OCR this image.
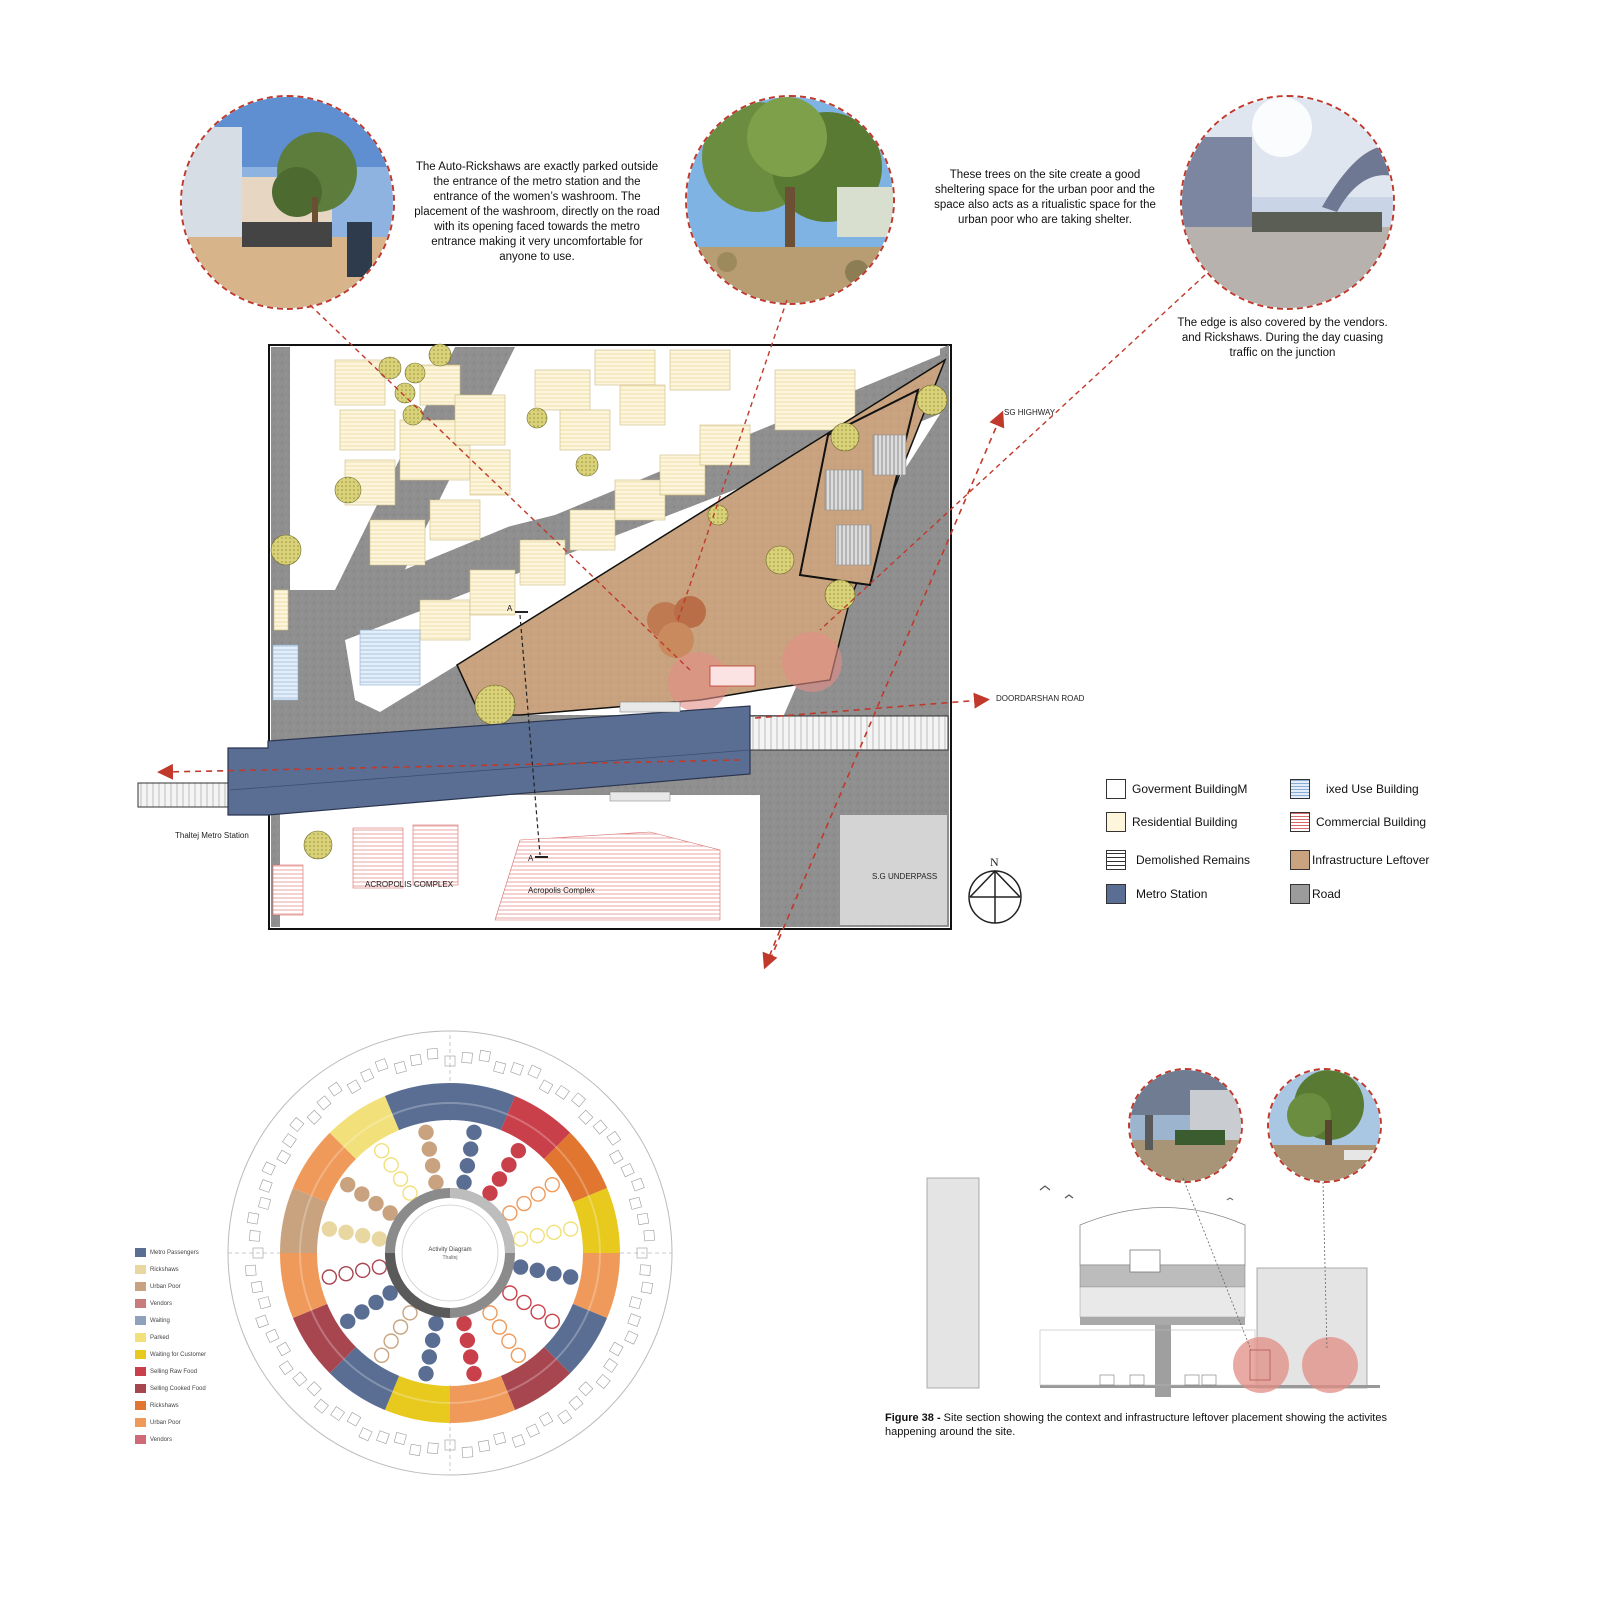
The Auto-Rickshaws are exactly parked outside the entrance of the metro station and the entrance of the women’s washroom. The placement of the washroom, directly on the road with its opening faced towards the metro entrance making it very uncomfortable for anyone to use.
These trees on the site create a good sheltering space for the urban poor and the space also acts as a ritualistic space for the urban poor who are taking shelter.
The edge is also covered by the vendors. and Rickshaws. During the day cuasing traffic on the junction
SG HIGHWAY
DOORDARSHAN ROAD
Thaltej Metro Station
ACROPOLIS COMPLEX
Acropolis Complex
S.G UNDERPASS
A
A	N
Goverment BuildingM	ixed Use Building
Residential Building	Commercial Building
Demolished Remains	Infrastructure Leftover
Metro Station	Road
Activity Diagram
Thaltej
Metro Passengers
Rickshaws
Urban Poor
Vendors
Waiting
Parked
Waiting for Customer
Selling Raw Food
Selling Cooked Food
Rickshaws
Urban Poor
Vendors
Figure 38 - Site section showing the context and infrastructure leftover placement showing the activites happening around the site.
